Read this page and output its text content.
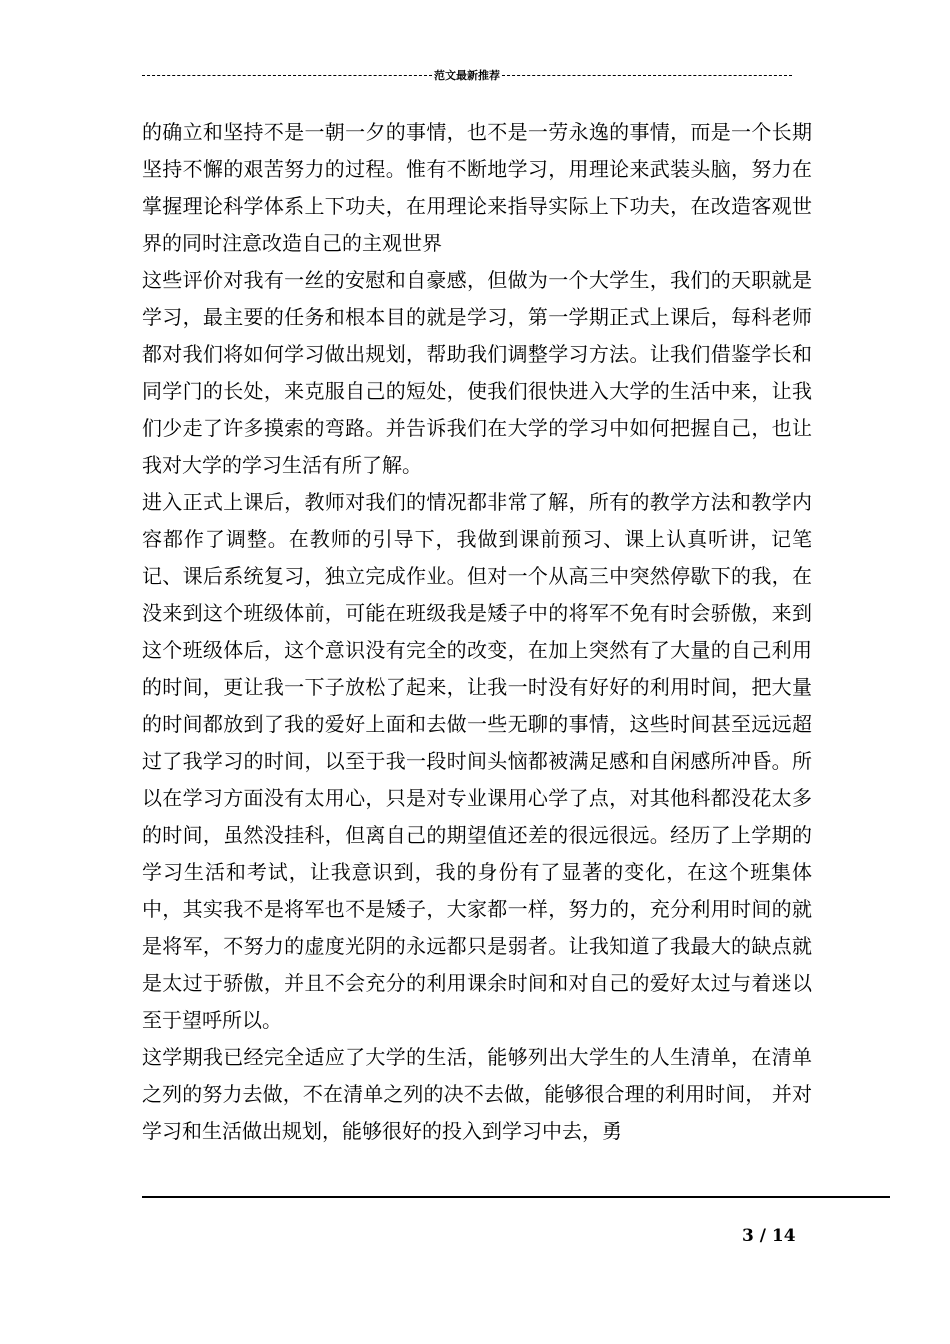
范文最新推荐

的确立和坚持不是一朝一夕的事情，也不是一劳永逸的事情，而是一个长期坚持不懈的艰苦努力的过程。惟有不断地学习，用理论来武装头脑，努力在掌握理论科学体系上下功夫，在用理论来指导实际上下功夫，在改造客观世界的同时注意改造自己的主观世界

这些评价对我有一丝的安慰和自豪感，但做为一个大学生，我们的天职就是学习，最主要的任务和根本目的就是学习，第一学期正式上课后，每科老师都对我们将如何学习做出规划，帮助我们调整学习方法。让我们借鉴学长和同学门的长处，来克服自己的短处，使我们很快进入大学的生活中来，让我们少走了许多摸索的弯路。并告诉我们在大学的学习中如何把握自己，也让我对大学的学习生活有所了解。

进入正式上课后，教师对我们的情况都非常了解，所有的教学方法和教学内容都作了调整。在教师的引导下，我做到课前预习、课上认真听讲，记笔记、课后系统复习，独立完成作业。但对一个从高三中突然停歇下的我，在没来到这个班级体前，可能在班级我是矮子中的将军不免有时会骄傲，来到这个班级体后，这个意识没有完全的改变，在加上突然有了大量的自己利用的时间，更让我一下子放松了起来，让我一时没有好好的利用时间，把大量的时间都放到了我的爱好上面和去做一些无聊的事情，这些时间甚至远远超过了我学习的时间，以至于我一段时间头恼都被满足感和自闲感所冲昏。所以在学习方面没有太用心，只是对专业课用心学了点，对其他科都没花太多的时间，虽然没挂科，但离自己的期望值还差的很远很远。经历了上学期的学习生活和考试，让我意识到，我的身份有了显著的变化，在这个班集体中，其实我不是将军也不是矮子，大家都一样，努力的，充分利用时间的就是将军，不努力的虚度光阴的永远都只是弱者。让我知道了我最大的缺点就是太过于骄傲，并且不会充分的利用课余时间和对自己的爱好太过与着迷以至于望呼所以。

这学期我已经完全适应了大学的生活，能够列出大学生的人生清单，在清单之列的努力去做，不在清单之列的决不去做，能够很合理的利用时间， 并对学习和生活做出规划，能够很好的投入到学习中去，勇

3 / 14
